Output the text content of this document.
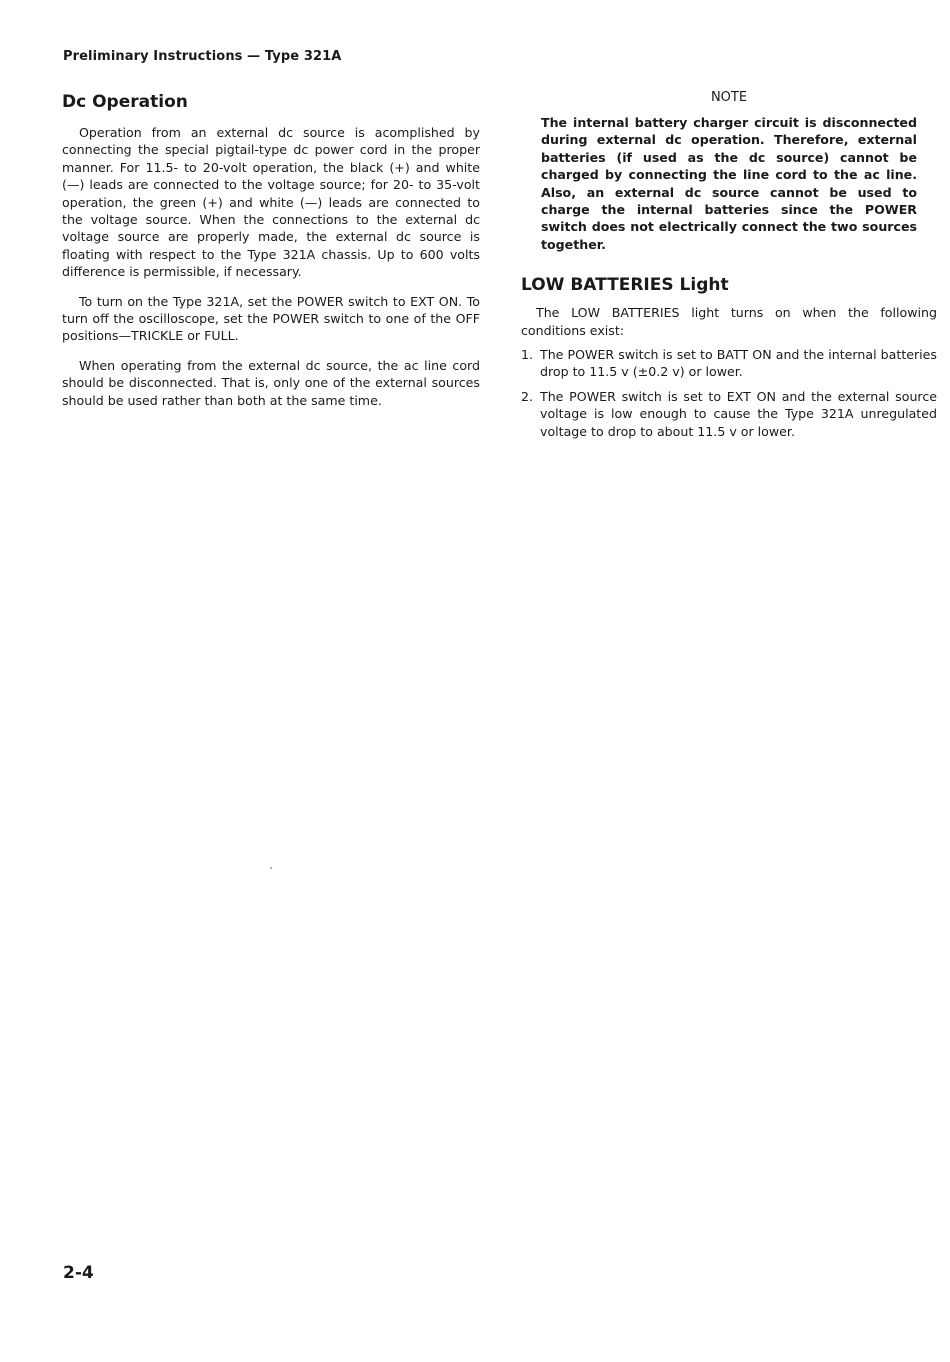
Preliminary Instructions — Type 321A
Dc Operation

Operation from an external dc source is acomplished by connecting the special pigtail-type dc power cord in the proper manner. For 11.5- to 20-volt operation, the black (+) and white (—) leads are connected to the voltage source; for 20- to 35-volt operation, the green (+) and white (—) leads are connected to the voltage source. When the connections to the external dc voltage source are properly made, the external dc source is floating with respect to the Type 321A chassis. Up to 600 volts difference is permissible, if necessary.

To turn on the Type 321A, set the POWER switch to EXT ON. To turn off the oscilloscope, set the POWER switch to one of the OFF positions—TRICKLE or FULL.

When operating from the external dc source, the ac line cord should be disconnected. That is, only one of the external sources should be used rather than both at the same time.

NOTE
The internal battery charger circuit is disconnected during external dc operation. Therefore, external batteries (if used as the dc source) cannot be charged by connecting the line cord to the ac line. Also, an external dc source cannot be used to charge the internal batteries since the POWER switch does not electrically connect the two sources together.
LOW BATTERIES Light

The LOW BATTERIES light turns on when the following conditions exist:

1. The POWER switch is set to BATT ON and the internal batteries drop to 11.5 v (±0.2 v) or lower.
2. The POWER switch is set to EXT ON and the external source voltage is low enough to cause the Type 321A unregulated voltage to drop to about 11.5 v or lower.
2-4
